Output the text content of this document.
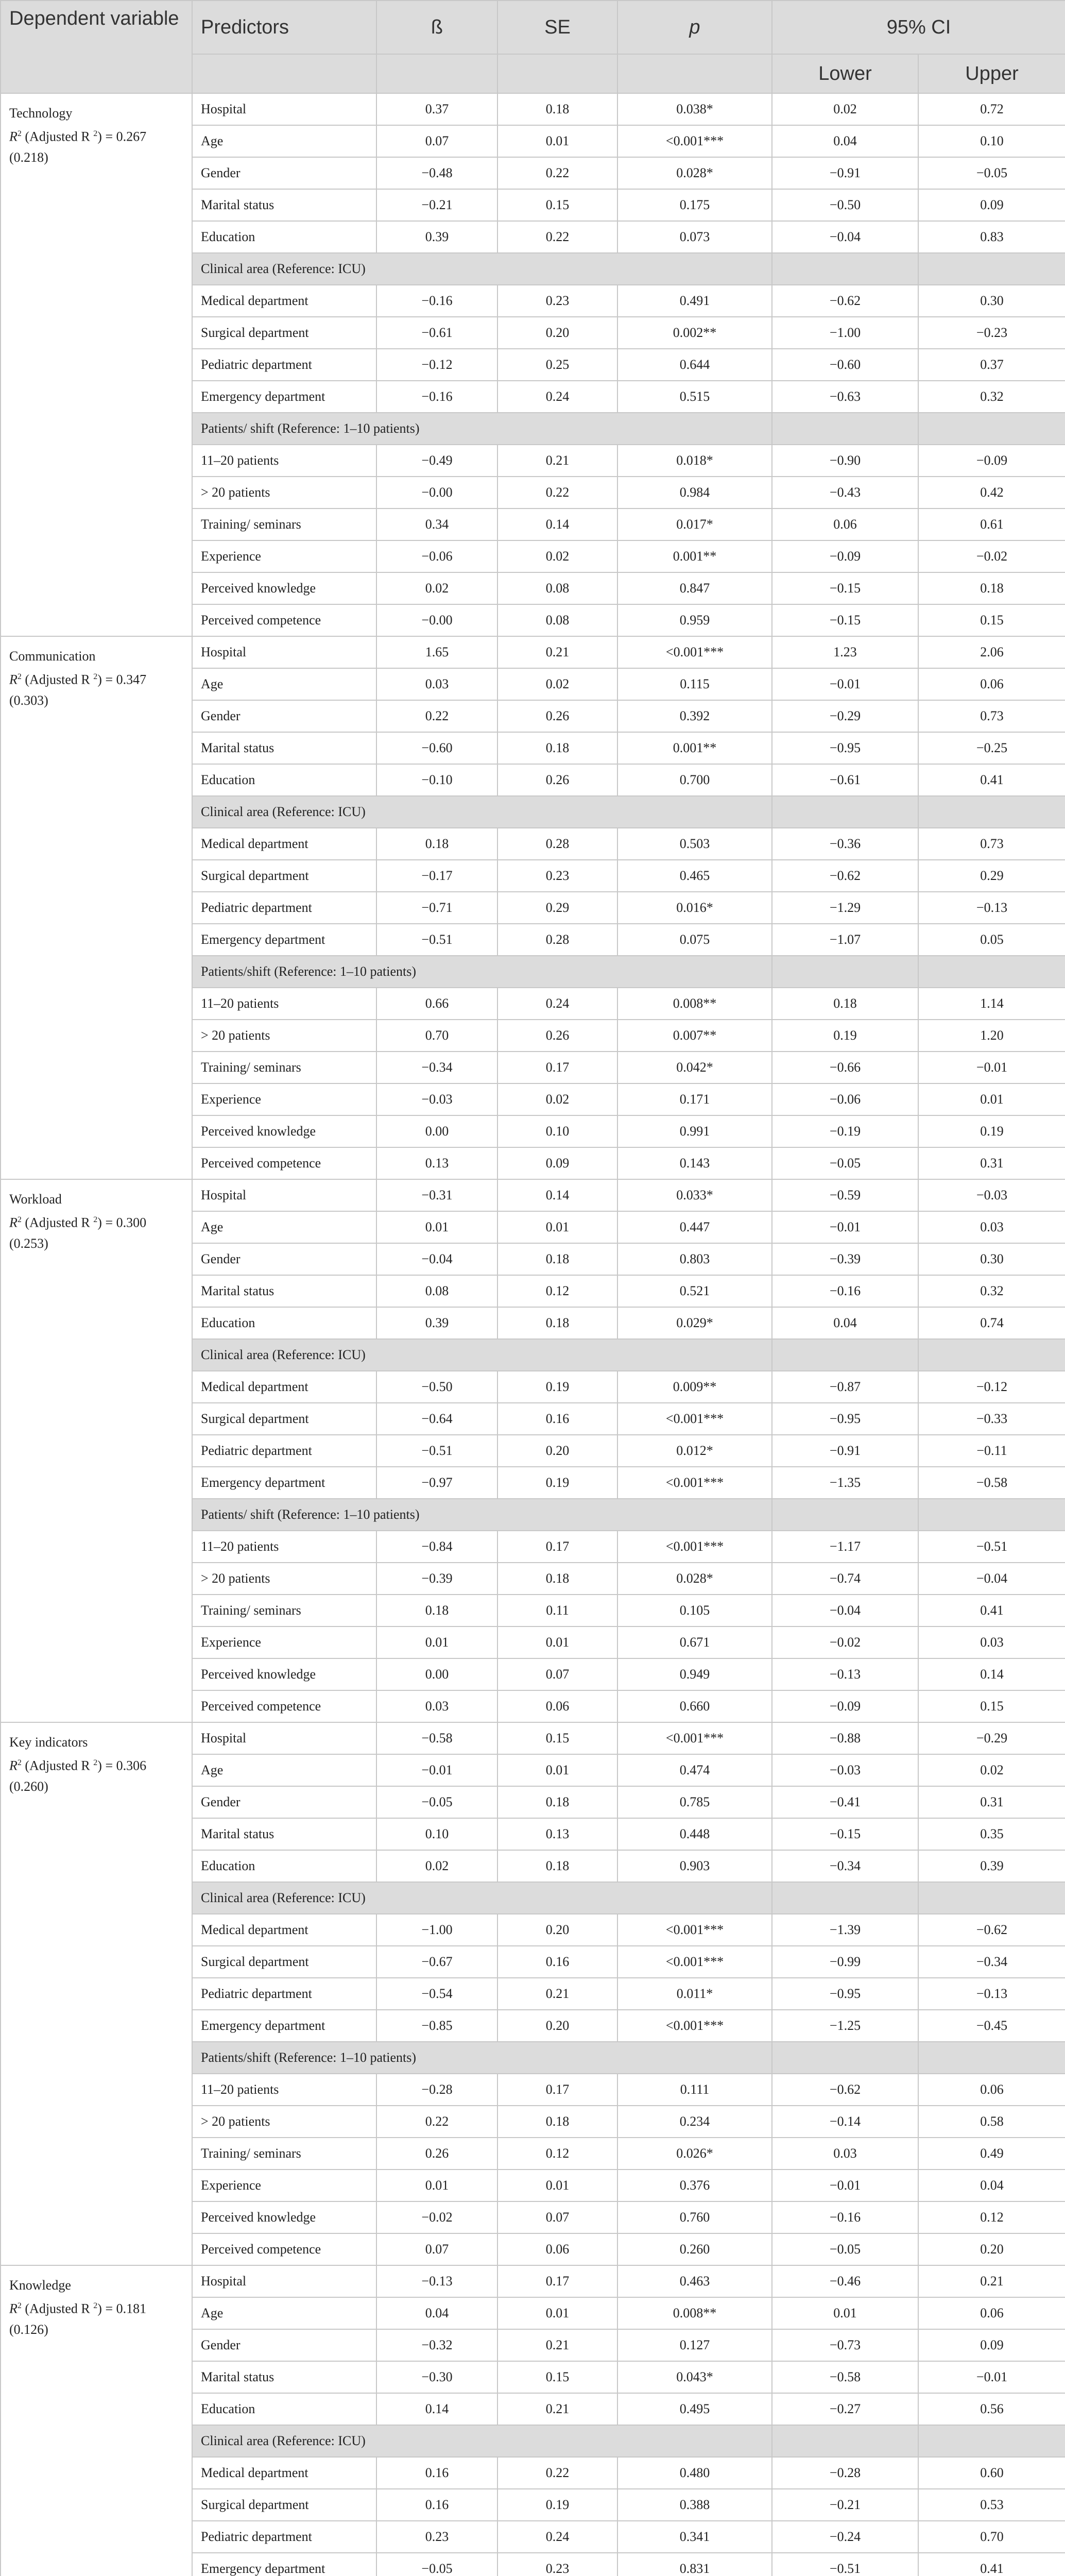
Dependent variable	Predictors	ß	SE	p	95% CI	
					Lower	Upper

Technology
$R^2$ (Adjusted R $^2$) = 0.267
(0.218)	Hospital	0.37	0.18	0.038*	0.02	0.72
	Age	0.07	0.01	<0.001***	0.04	0.10
	Gender	−0.48	0.22	0.028*	−0.91	−0.05
	Marital status	−0.21	0.15	0.175	−0.50	0.09
	Education	0.39	0.22	0.073	−0.04	0.83
	Clinical area (Reference: ICU)					
	Medical department	−0.16	0.23	0.491	−0.62	0.30
	Surgical department	−0.61	0.20	0.002**	−1.00	−0.23
	Pediatric department	−0.12	0.25	0.644	−0.60	0.37
	Emergency department	−0.16	0.24	0.515	−0.63	0.32
	Patients/ shift (Reference: 1–10 patients)					
	11–20 patients	−0.49	0.21	0.018*	−0.90	−0.09
	> 20 patients	−0.00	0.22	0.984	−0.43	0.42
	Training/ seminars	0.34	0.14	0.017*	0.06	0.61
	Experience	−0.06	0.02	0.001**	−0.09	−0.02
	Perceived knowledge	0.02	0.08	0.847	−0.15	0.18
	Perceived competence	−0.00	0.08	0.959	−0.15	0.15

Communication
$R^2$ (Adjusted R $^2$) = 0.347
(0.303)	Hospital	1.65	0.21	<0.001***	1.23	2.06
	Age	0.03	0.02	0.115	−0.01	0.06
	Gender	0.22	0.26	0.392	−0.29	0.73
	Marital status	−0.60	0.18	0.001**	−0.95	−0.25
	Education	−0.10	0.26	0.700	−0.61	0.41
	Clinical area (Reference: ICU)					
	Medical department	0.18	0.28	0.503	−0.36	0.73
	Surgical department	−0.17	0.23	0.465	−0.62	0.29
	Pediatric department	−0.71	0.29	0.016*	−1.29	−0.13
	Emergency department	−0.51	0.28	0.075	−1.07	0.05
	Patients/shift (Reference: 1–10 patients)					
	11–20 patients	0.66	0.24	0.008**	0.18	1.14
	> 20 patients	0.70	0.26	0.007**	0.19	1.20
	Training/ seminars	−0.34	0.17	0.042*	−0.66	−0.01
	Experience	−0.03	0.02	0.171	−0.06	0.01
	Perceived knowledge	0.00	0.10	0.991	−0.19	0.19
	Perceived competence	0.13	0.09	0.143	−0.05	0.31

Workload
$R^2$ (Adjusted R $^2$) = 0.300
(0.253)	Hospital	−0.31	0.14	0.033*	−0.59	−0.03
	Age	0.01	0.01	0.447	−0.01	0.03
	Gender	−0.04	0.18	0.803	−0.39	0.30
	Marital status	0.08	0.12	0.521	−0.16	0.32
	Education	0.39	0.18	0.029*	0.04	0.74
	Clinical area (Reference: ICU)					
	Medical department	−0.50	0.19	0.009**	−0.87	−0.12
	Surgical department	−0.64	0.16	<0.001***	−0.95	−0.33
	Pediatric department	−0.51	0.20	0.012*	−0.91	−0.11
	Emergency department	−0.97	0.19	<0.001***	−1.35	−0.58
	Patients/ shift (Reference: 1–10 patients)					
	11–20 patients	−0.84	0.17	<0.001***	−1.17	−0.51
	> 20 patients	−0.39	0.18	0.028*	−0.74	−0.04
	Training/ seminars	0.18	0.11	0.105	−0.04	0.41
	Experience	0.01	0.01	0.671	−0.02	0.03
	Perceived knowledge	0.00	0.07	0.949	−0.13	0.14
	Perceived competence	0.03	0.06	0.660	−0.09	0.15

Key indicators
$R^2$ (Adjusted R $^2$) = 0.306
(0.260)	Hospital	−0.58	0.15	<0.001***	−0.88	−0.29
	Age	−0.01	0.01	0.474	−0.03	0.02
	Gender	−0.05	0.18	0.785	−0.41	0.31
	Marital status	0.10	0.13	0.448	−0.15	0.35
	Education	0.02	0.18	0.903	−0.34	0.39
	Clinical area (Reference: ICU)					
	Medical department	−1.00	0.20	<0.001***	−1.39	−0.62
	Surgical department	−0.67	0.16	<0.001***	−0.99	−0.34
	Pediatric department	−0.54	0.21	0.011*	−0.95	−0.13
	Emergency department	−0.85	0.20	<0.001***	−1.25	−0.45
	Patients/shift (Reference: 1–10 patients)					
	11–20 patients	−0.28	0.17	0.111	−0.62	0.06
	> 20 patients	0.22	0.18	0.234	−0.14	0.58
	Training/ seminars	0.26	0.12	0.026*	0.03	0.49
	Experience	0.01	0.01	0.376	−0.01	0.04
	Perceived knowledge	−0.02	0.07	0.760	−0.16	0.12
	Perceived competence	0.07	0.06	0.260	−0.05	0.20

Knowledge
$R^2$ (Adjusted R $^2$) = 0.181
(0.126)	Hospital	−0.13	0.17	0.463	−0.46	0.21
	Age	0.04	0.01	0.008**	0.01	0.06
	Gender	−0.32	0.21	0.127	−0.73	0.09
	Marital status	−0.30	0.15	0.043*	−0.58	−0.01
	Education	0.14	0.21	0.495	−0.27	0.56
	Clinical area (Reference: ICU)					
	Medical department	0.16	0.22	0.480	−0.28	0.60
	Surgical department	0.16	0.19	0.388	−0.21	0.53
	Pediatric department	0.23	0.24	0.341	−0.24	0.70
	Emergency department	−0.05	0.23	0.831	−0.51	0.41
